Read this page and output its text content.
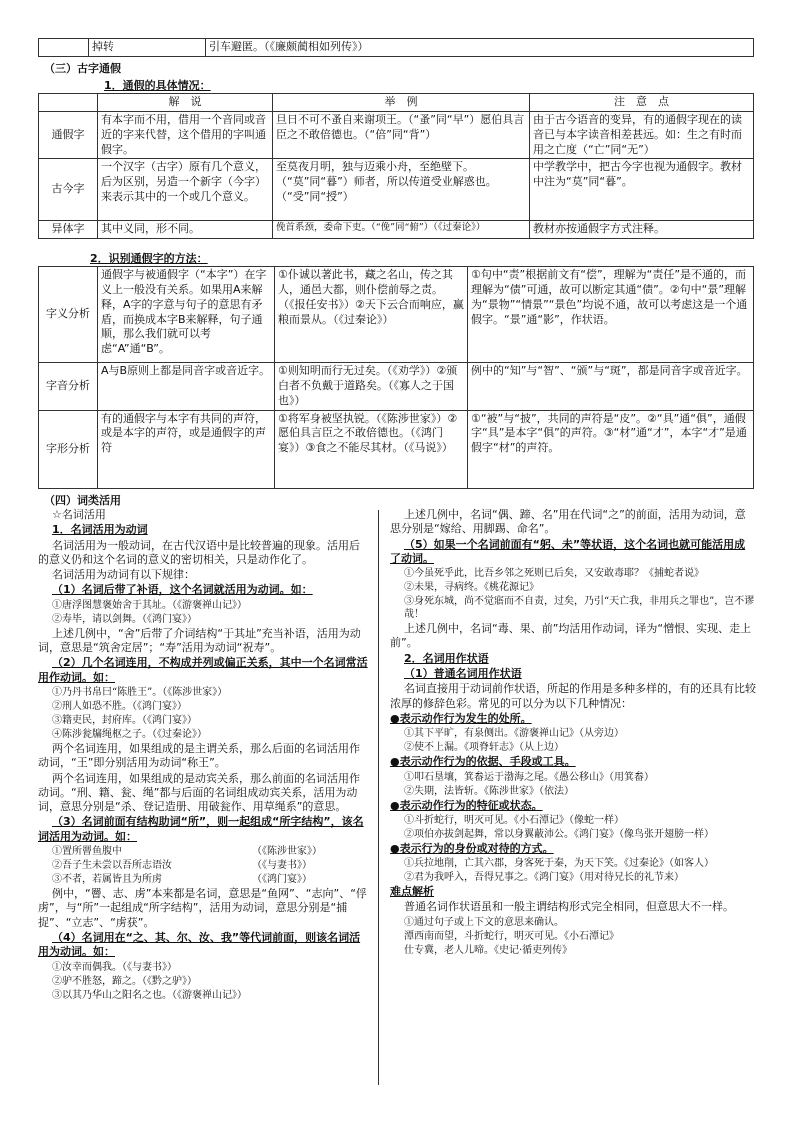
	掉转	引车避匿。（《廉颇蔺相如列传》）
（三）古字通假
1．通假的具体情况：
	解　说	举　例	注　意　点
通假字	有本字而不用，借用一个音同或音近的字来代替，这个借用的字叫通假字。	旦日不可不蚤自来谢项王。（“蚤”同“早”）愿伯具言臣之不敢倍德也。（“倍”同“背”）	由于古今语音的变异，有的通假字现在的读音已与本字读音相差甚远。如：生之有时而用之亡度（“亡”同“无”）
古今字	一个汉字（古字）原有几个意义，后为区别，另造一个新字（今字）来表示其中的一个或几个意义。	至莫夜月明，独与迈乘小舟，至绝壁下。（“莫”同“暮”）师者，所以传道受业解惑也。（“受”同“授”）	中学教学中，把古今字也视为通假字。教材中注为“莫”同“暮”。
异体字	其中义同，形不同。	俛首系颈，委命下吏。（“俛”同“俯”）（《过秦论》）	教材亦按通假字方式注释。
2．识别通假字的方法：
字义分析	通假字与被通假字（“本字”）在字义上一般没有关系。如果用A来解释，A字的字意与句子的意思有矛盾，而换成本字B来解释，句子通顺，那么我们就可以考虑“A”通“B”。	①仆诚以著此书，藏之名山，传之其人，通邑大都，则仆偿前辱之责。（《报任安书》）②天下云合而响应，赢粮而景从。（《过秦论》）	①句中“责”根据前文有“偿”，理解为“责任”是不通的，而理解为“债”可通，故可以断定其通“债”。②句中“景”理解为“景物”“情景”“景色”均说不通，故可以考虑这是一个通假字。“景”通“影”，作状语。
字音分析	A与B原则上都是同音字或音近字。	①则知明而行无过矣。（《劝学》）②颁白者不负戴于道路矣。（《寡人之于国也》）	例中的“知”与“智”、“颁”与“斑”，都是同音字或音近字。
字形分析	有的通假字与本字有共同的声符，或是本字的声符，或是通假字的声符	①将军身被坚执锐。（《陈涉世家》）②愿伯具言臣之不敢倍德也。（《鸿门宴》）③食之不能尽其材。（《马说》）	①“被”与“披”，共同的声符是“皮”。②“具”通“俱”，通假字“具”是本字“俱”的声符。③“材”通“才”，本字“才”是通假字“材”的声符。
（四）词类活用

☆名词活用

1．名词活用为动词

名词活用为一般动词，在古代汉语中是比较普遍的现象。活用后的意义仍和这个名词的意义的密切相关，只是动作化了。

名词活用为动词有以下规律：

（1）名词后带了补语，这个名词就活用为动词。如：

①唐浮图慧褒始舍于其址。（《游褒禅山记》）

②寿毕，请以剑舞。（《鸿门宴》）

上述几例中，“舍”后带了介词结构“于其址”充当补语，活用为动词，意思是“筑舍定居”；“寿”活用为动词“祝寿”。

（2）几个名词连用，不构成并列或偏正关系，其中一个名词常活用作动词。如：

①乃丹书帛曰“陈胜王”。（《陈涉世家》）

②刑人如恐不胜。（《鸿门宴》）

③籍吏民，封府库。（《鸿门宴》）

④陈涉瓮牖绳枢之子。（《过秦论》）

两个名词连用，如果组成的是主谓关系，那么后面的名词活用作动词，“王”即分别活用为动词“称王”。

两个名词连用，如果组成的是动宾关系，那么前面的名词活用作动词。“刑、籍、瓮、绳”都与后面的名词组成动宾关系，活用为动词，意思分别是“杀、登记造册、用破瓮作、用草绳系”的意思。

（3）名词前面有结构助词“所”，则一起组成“所字结构”，该名词活用为动词。如：

①置所罾鱼腹中	（《陈涉世家》）

②吾子生未尝以吾所志语汝	（《与妻书》）

③不者，若属皆且为所虏	（《鸿门宴》）

例中，“罾、志、虏”本来都是名词，意思是“鱼网”、“志向”、“俘虏”，与“所”一起组成“所字结构”，活用为动词，意思分别是“捕捉”、“立志”、“虏获”。

（4）名词用在“之、其、尔、汝、我”等代词前面，则该名词活用为动词。如：

①汝幸而偶我。（《与妻书》）

②驴不胜怒，蹄之。（《黔之驴》）

③以其乃华山之阳名之也。（《游褒禅山记》）

上述几例中，名词“偶、蹄、名”用在代词“之”的前面，活用为动词，意思分别是“嫁给、用脚踢、命名”。

（5）如果一个名词前面有“躬、未”等状语，这个名词也就可能活用成了动词。

①今虽死乎此，比吾乡邻之死则已后矣，又安敢毒耶？《捕蛇者说》

②未果，寻病终。《桃花源记》

③身死东城，尚不觉寤而不自责，过矣，乃引“天亡我，非用兵之罪也”，岂不谬哉！

上述几例中，名词“毒、果、前”均活用作动词，译为“憎恨、实现、走上前”。

2．名词用作状语

（1）普通名词用作状语

名词直接用于动词前作状语，所起的作用是多种多样的，有的还具有比较浓厚的修辞色彩。常见的可以分为以下几种情况：

●表示动作行为发生的处所。

①其下平旷，有泉侧出。《游褒禅山记》（从旁边）

②使不上漏。《项脊轩志》（从上边）

●表示动作行为的依据、手段或工具。

①叩石垦壤，箕畚运于渤海之尾。《愚公移山》（用箕畚）

②失期，法皆斩。《陈涉世家》（依法）

●表示动作行为的特征或状态。

①斗折蛇行，明灭可见。《小石潭记》（像蛇一样）

②项伯亦拔剑起舞，常以身翼蔽沛公。《鸿门宴》（像鸟张开翅膀一样）

●表示行为的身份或对待的方式。

①兵拉地削，亡其六郡，身客死于秦，为天下笑。《过秦论》（如客人）

②君为我呼入，吾得兄事之。《鸿门宴》（用对待兄长的礼节来）

难点解析

普通名词作状语虽和一般主谓结构形式完全相同，但意思大不一样。

①通过句子或上下文的意思来确认。

潭西南而望，斗折蛇行，明灭可见。《小石潭记》

仕专冀，老人儿啼。《史记·循吏列传》
